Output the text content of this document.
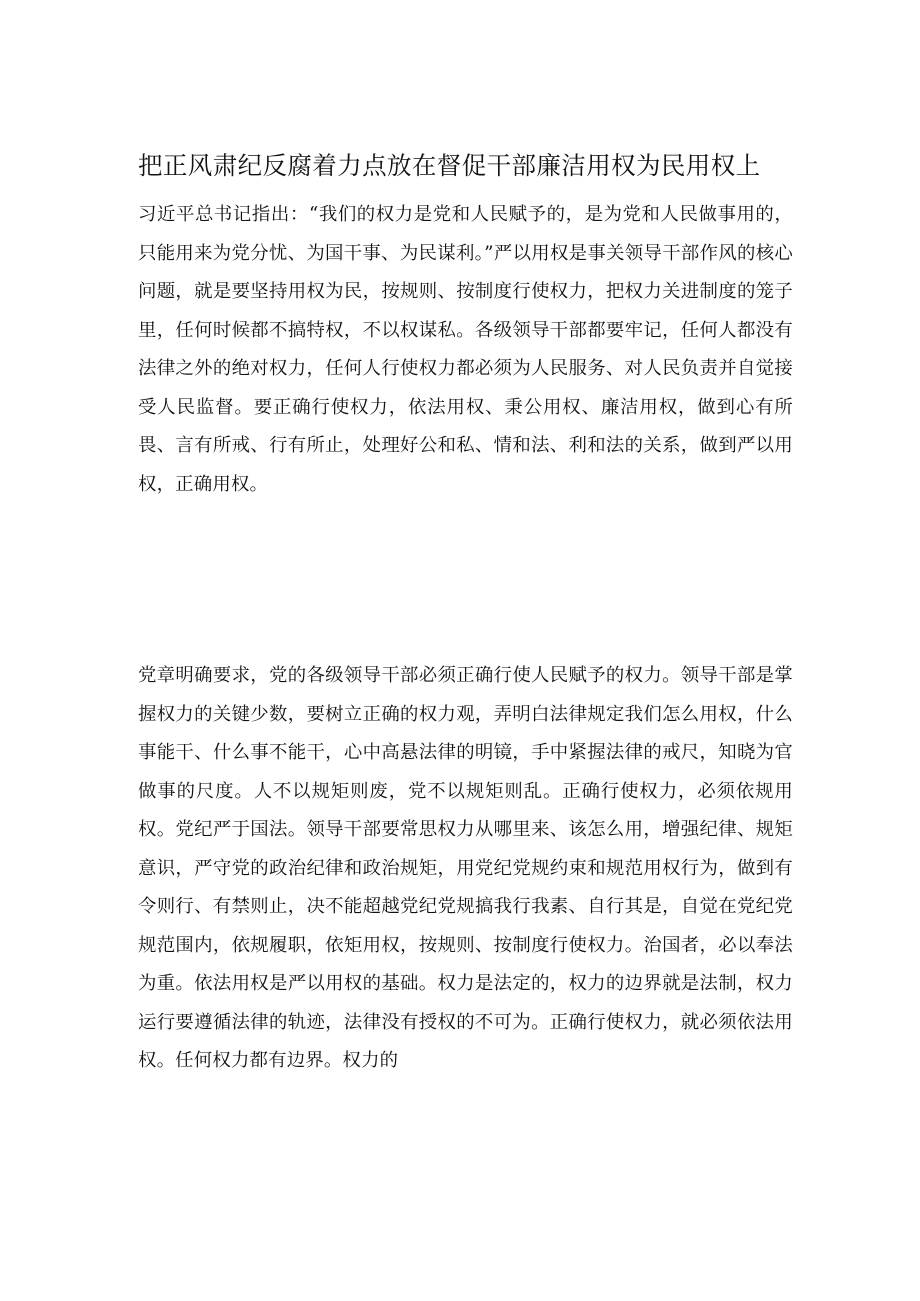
把正风肃纪反腐着力点放在督促干部廉洁用权为民用权上

习近平总书记指出：“我们的权力是党和人民赋予的，是为党和人民做事用的，只能用来为党分忧、为国干事、为民谋利。”严以用权是事关领导干部作风的核心问题，就是要坚持用权为民，按规则、按制度行使权力，把权力关进制度的笼子里，任何时候都不搞特权，不以权谋私。各级领导干部都要牢记，任何人都没有法律之外的绝对权力，任何人行使权力都必须为人民服务、对人民负责并自觉接受人民监督。要正确行使权力，依法用权、秉公用权、廉洁用权，做到心有所畏、言有所戒、行有所止，处理好公和私、情和法、利和法的关系，做到严以用权，正确用权。

党章明确要求，党的各级领导干部必须正确行使人民赋予的权力。领导干部是掌握权力的关键少数，要树立正确的权力观，弄明白法律规定我们怎么用权，什么事能干、什么事不能干，心中高悬法律的明镜，手中紧握法律的戒尺，知晓为官做事的尺度。人不以规矩则废，党不以规矩则乱。正确行使权力，必须依规用权。党纪严于国法。领导干部要常思权力从哪里来、该怎么用，增强纪律、规矩意识，严守党的政治纪律和政治规矩，用党纪党规约束和规范用权行为，做到有令则行、有禁则止，决不能超越党纪党规搞我行我素、自行其是，自觉在党纪党规范围内，依规履职，依矩用权，按规则、按制度行使权力。治国者，必以奉法为重。依法用权是严以用权的基础。权力是法定的，权力的边界就是法制，权力运行要遵循法律的轨迹，法律没有授权的不可为。正确行使权力，就必须依法用权。任何权力都有边界。权力的
